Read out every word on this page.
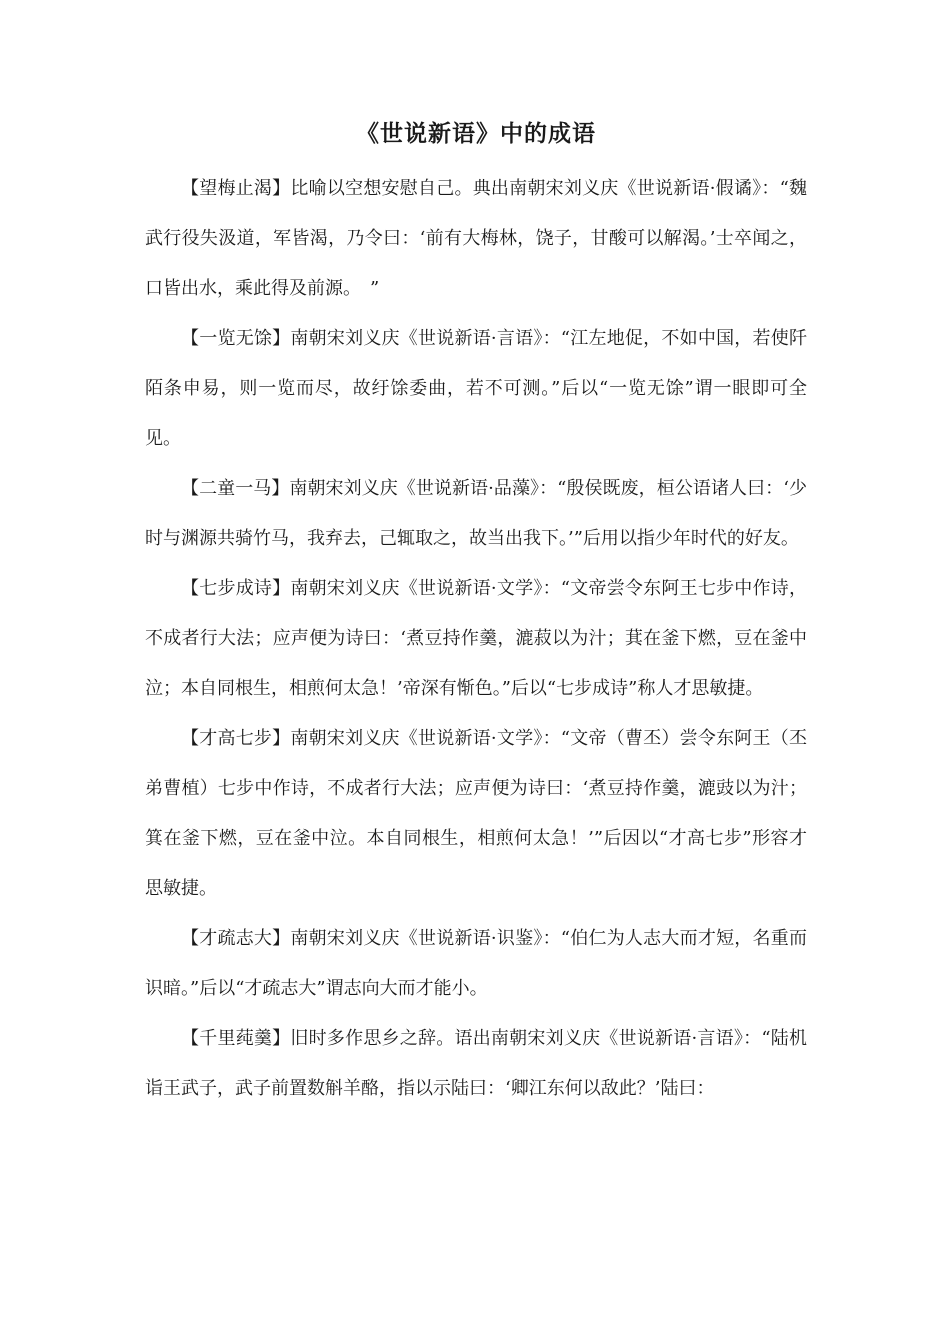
《世说新语》中的成语

【望梅止渴】比喻以空想安慰自己。典出南朝宋刘义庆《世说新语·假谲》：“魏武行役失汲道，军皆渴，乃令曰：‘前有大梅林，饶子，甘酸可以解渴。’士卒闻之，口皆出水，乘此得及前源。　”

【一览无馀】南朝宋刘义庆《世说新语·言语》：“江左地促，不如中国，若使阡陌条申易，则一览而尽，故纡馀委曲，若不可测。”后以“一览无馀”谓一眼即可全见。

【二童一马】南朝宋刘义庆《世说新语·品藻》：“殷侯既废，桓公语诸人曰：‘少时与渊源共骑竹马，我弃去，己辄取之，故当出我下。’”后用以指少年时代的好友。

【七步成诗】南朝宋刘义庆《世说新语·文学》：“文帝尝令东阿王七步中作诗，不成者行大法；应声便为诗曰：‘煮豆持作羹，漉菽以为汁；萁在釜下燃，豆在釜中泣；本自同根生，相煎何太急！’帝深有惭色。”后以“七步成诗”称人才思敏捷。

【才高七步】南朝宋刘义庆《世说新语·文学》：“文帝（曹丕）尝令东阿王（丕弟曹植）七步中作诗，不成者行大法；应声便为诗曰：‘煮豆持作羹，漉豉以为汁；箕在釜下燃，豆在釜中泣。本自同根生，相煎何太急！’”后因以“才高七步”形容才思敏捷。

【才疏志大】南朝宋刘义庆《世说新语·识鉴》：“伯仁为人志大而才短，名重而识暗。”后以“才疏志大”谓志向大而才能小。

【千里莼羹】旧时多作思乡之辞。语出南朝宋刘义庆《世说新语·言语》：“陆机诣王武子，武子前置数斛羊酪，指以示陆曰：‘卿江东何以敌此？’陆曰：
